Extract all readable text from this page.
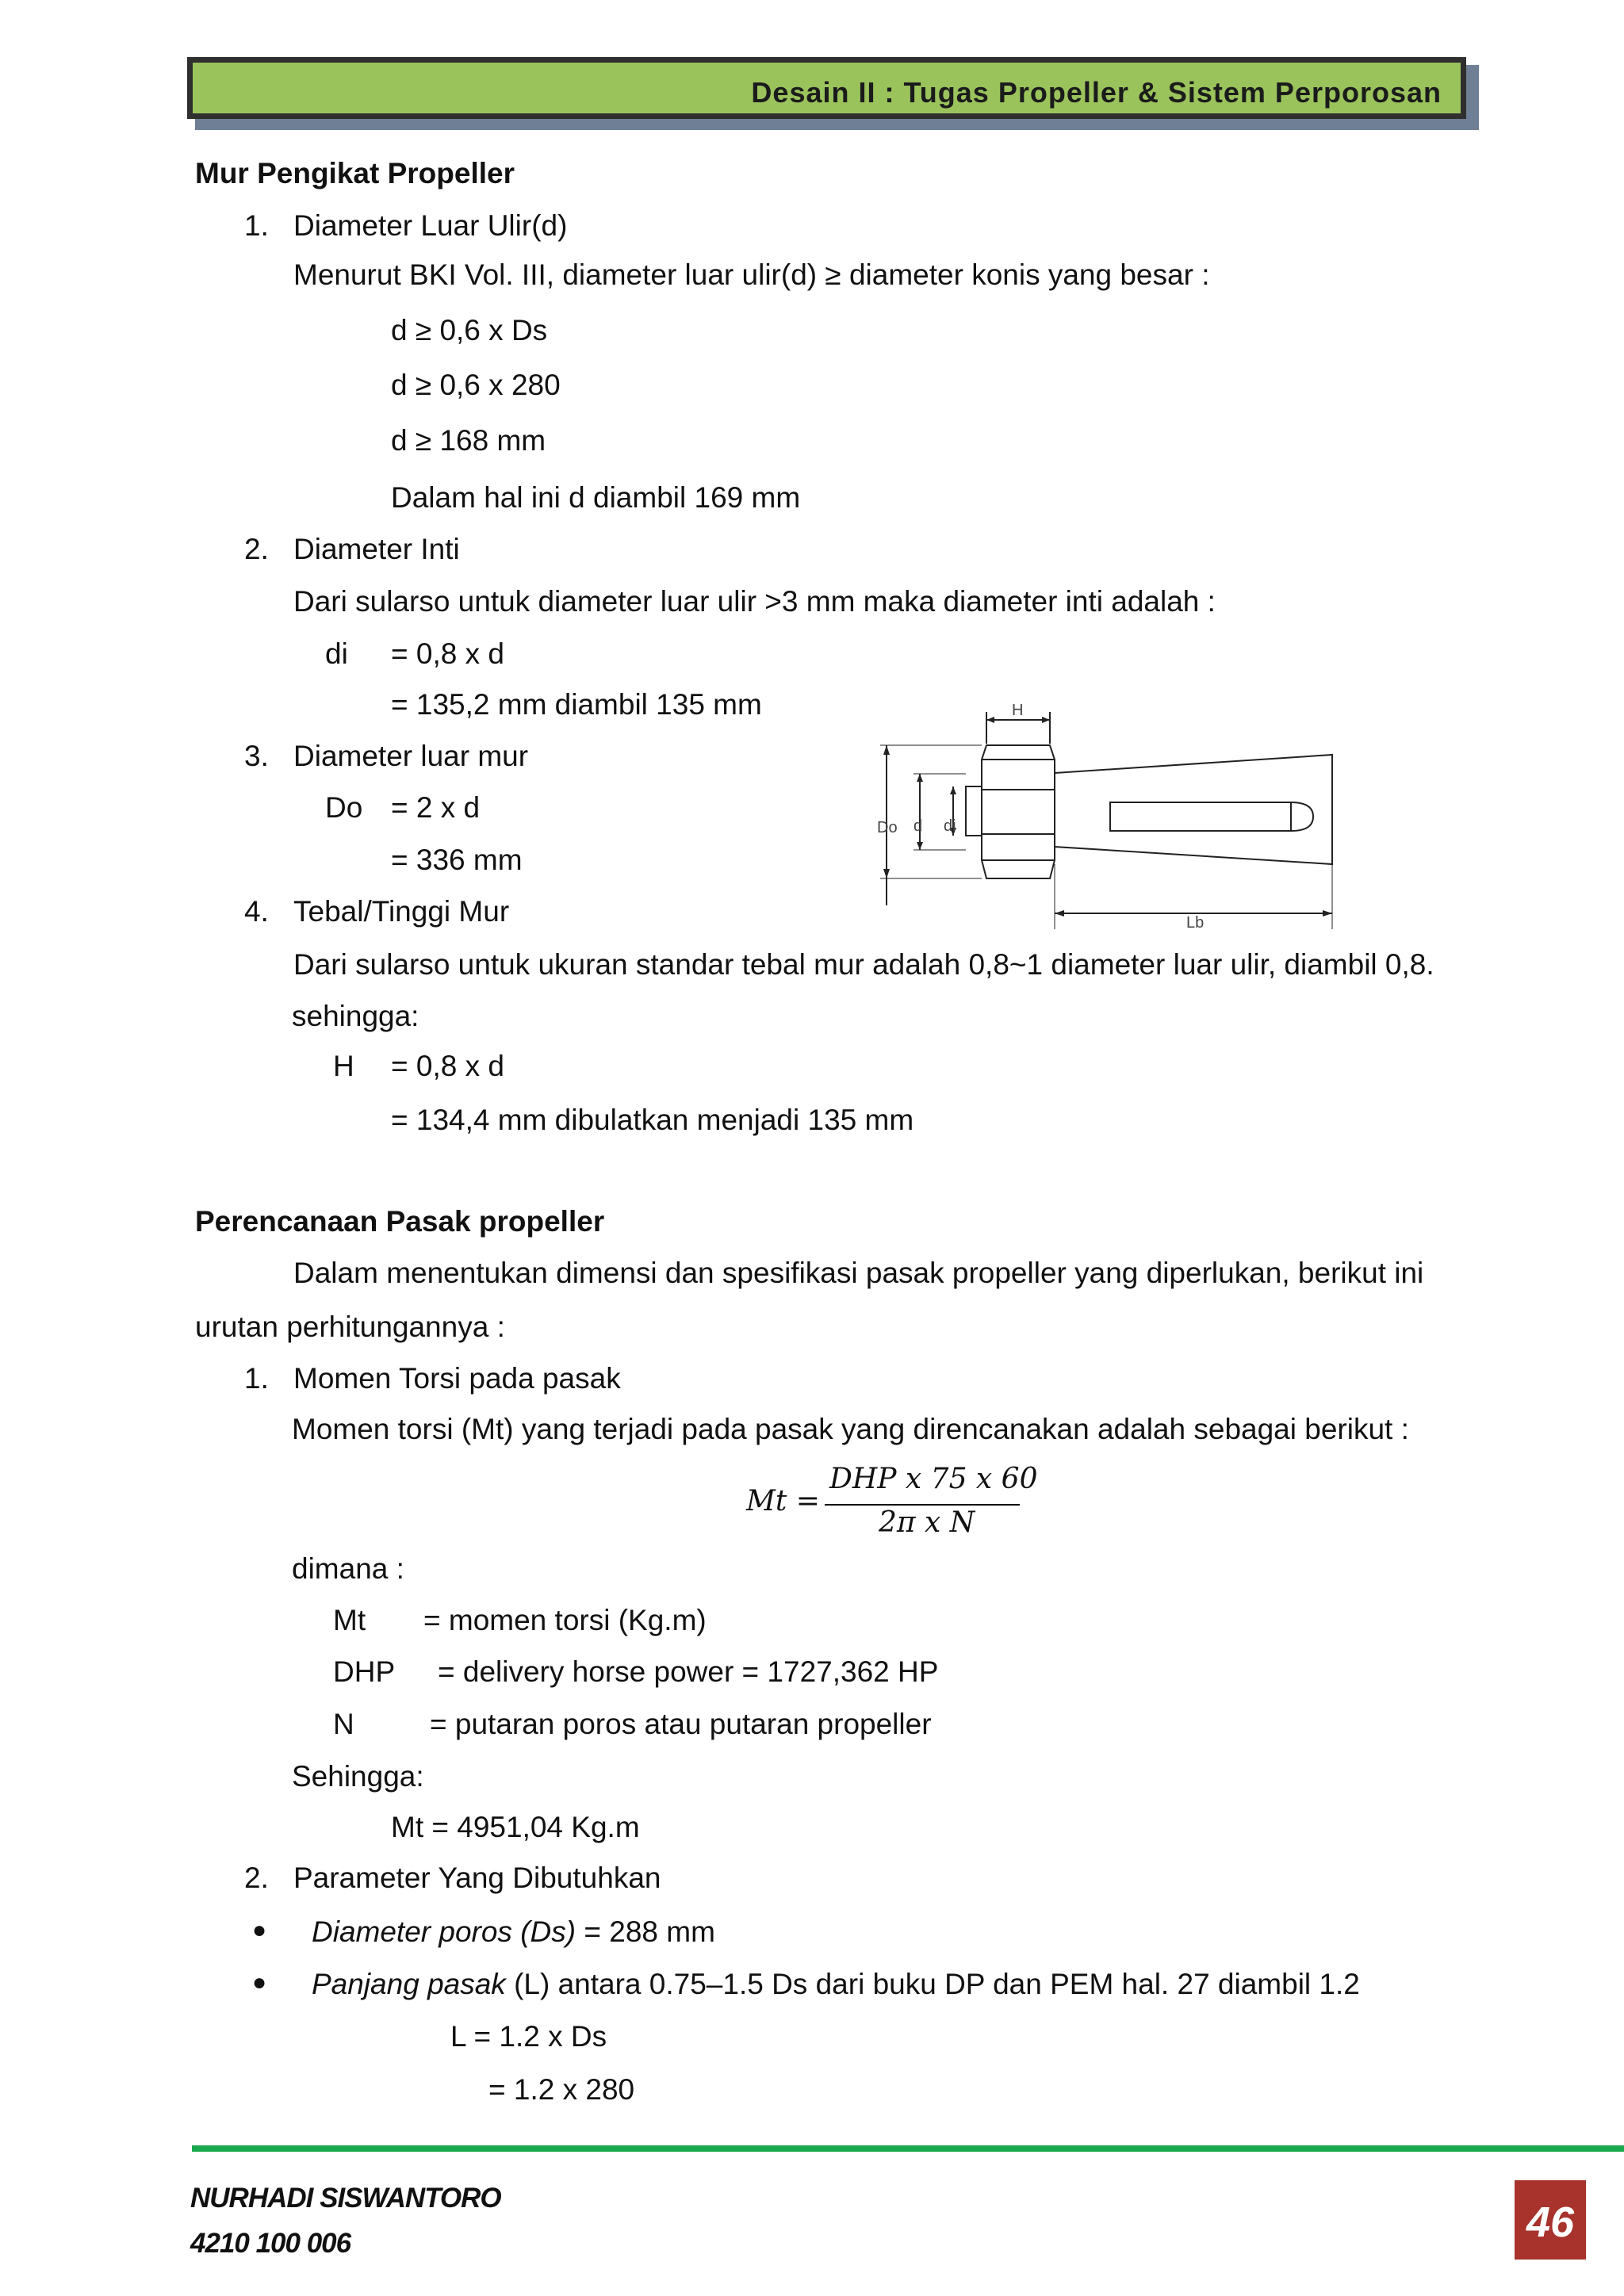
Desain II : Tugas Propeller & Sistem Perporosan
Mur Pengikat Propeller
1. Diameter Luar Ulir(d)
Menurut BKI Vol. III, diameter luar ulir(d) ≥ diameter konis yang besar :
d ≥ 0,6 x Ds
d ≥ 0,6 x 280
d ≥ 168 mm
Dalam hal ini d diambil 169 mm
2. Diameter Inti
Dari sularso untuk diameter luar ulir >3 mm maka diameter inti adalah :
di = 0,8 x d
= 135,2 mm diambil 135 mm
3. Diameter luar mur
Do = 2 x d
= 336 mm
4. Tebal/Tinggi Mur
Dari sularso untuk ukuran standar tebal mur adalah 0,8~1 diameter luar ulir, diambil 0,8.
sehingga:
H = 0,8 x d
= 134,4 mm dibulatkan menjadi 135 mm
H
Do d di
Lb
Perencanaan Pasak propeller
Dalam menentukan dimensi dan spesifikasi pasak propeller yang diperlukan, berikut ini
urutan perhitungannya :
1. Momen Torsi pada pasak
Momen torsi (Mt) yang terjadi pada pasak yang direncanakan adalah sebagai berikut :
Mt =
DHP x 75 x 60
2π x N
dimana :
Mt = momen torsi (Kg.m)
DHP = delivery horse power = 1727,362 HP
N	= putaran poros atau putaran propeller
Sehingga:
Mt = 4951,04 Kg.m
2. Parameter Yang Dibutuhkan
● Diameter poros (Ds) = 288 mm
● Panjang pasak (L) antara 0.75–1.5 Ds dari buku DP dan PEM hal. 27 diambil 1.2
L = 1.2 x Ds
= 1.2 x 280
NURHADI SISWANTORO
4210 100 006	46
